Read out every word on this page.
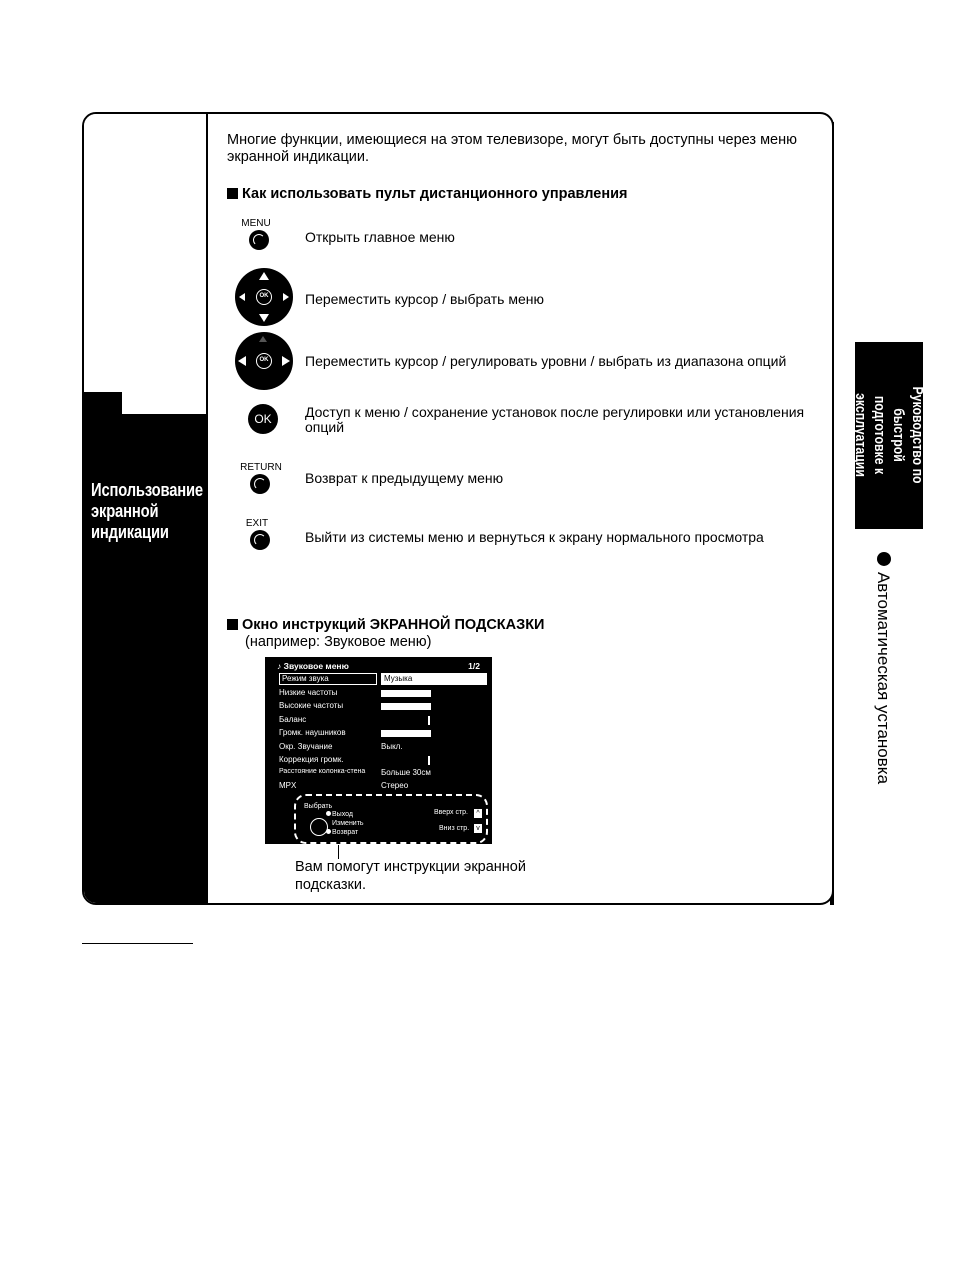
Использование
экранной
индикации
Многие функции, имеющиеся на этом телевизоре, могут быть доступны через меню экранной индикации.
Как использовать пульт дистанционного управления
MENU
Открыть главное меню
OK	Переместить курсор / выбрать меню
OK	Переместить курсор / регулировать уровни / выбрать из диапазона опций
OK	Доступ к меню / сохранение установок после регулировки или установления опций
RETURN
Возврат к предыдущему меню
EXIT
Выйти из системы меню и вернуться к экрану нормального просмотра
Окно инструкций ЭКРАННОЙ ПОДСКАЗКИ
(например: Звуковое меню)
♪ Звуковое меню	1/2
Режим звука	Музыка
Низкие частоты
Высокие частоты
Баланс
Громк. наушников
Окр. Звучание	Выкл.
Коррекция громк.
Расстояние колонка-стена Больше 30см
MPX	Стерео
Выбрать
Выход
Изменить
Возврат
Вверх стр.
Вниз стр.
^
v
Вам помогут инструкции экранной подсказки.
Руководство по быстрой
подготовке к эксплуатации
Автоматическая установка
